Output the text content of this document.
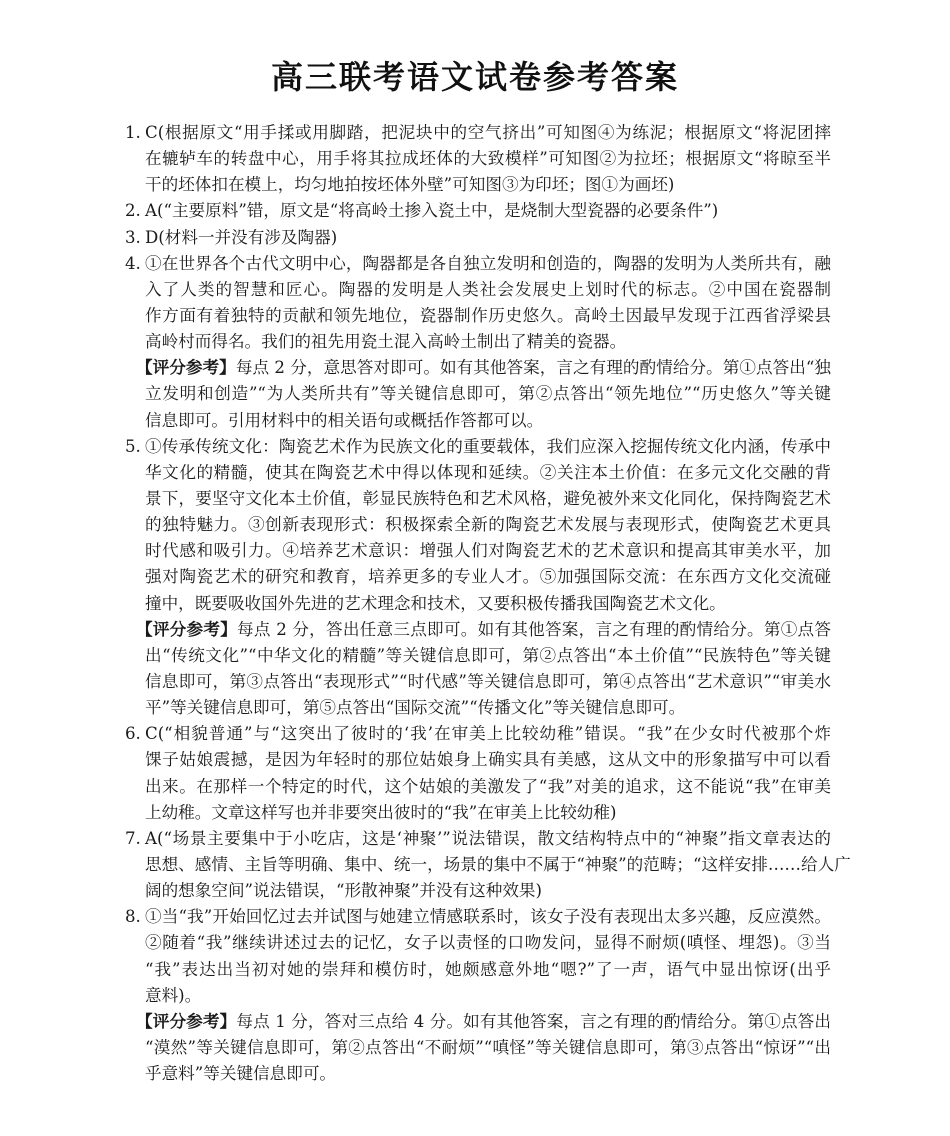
高三联考语文试卷参考答案
1. C(根据原文“用手揉或用脚踏，把泥块中的空气挤出”可知图④为练泥；根据原文“将泥团摔
在辘轳车的转盘中心，用手将其拉成坯体的大致模样”可知图②为拉坯；根据原文“将晾至半
干的坯体扣在模上，均匀地拍按坯体外壁”可知图③为印坯；图①为画坯)
2. A(“主要原料”错，原文是“将高岭土掺入瓷土中，是烧制大型瓷器的必要条件”)
3. D(材料一并没有涉及陶器)
4. ①在世界各个古代文明中心，陶器都是各自独立发明和创造的，陶器的发明为人类所共有，融
入了人类的智慧和匠心。陶器的发明是人类社会发展史上划时代的标志。②中国在瓷器制
作方面有着独特的贡献和领先地位，瓷器制作历史悠久。高岭土因最早发现于江西省浮梁县
高岭村而得名。我们的祖先用瓷土混入高岭土制出了精美的瓷器。
【评分参考】每点 2 分，意思答对即可。如有其他答案，言之有理的酌情给分。第①点答出“独
立发明和创造”“为人类所共有”等关键信息即可，第②点答出“领先地位”“历史悠久”等关键
信息即可。引用材料中的相关语句或概括作答都可以。
5. ①传承传统文化：陶瓷艺术作为民族文化的重要载体，我们应深入挖掘传统文化内涵，传承中
华文化的精髓，使其在陶瓷艺术中得以体现和延续。②关注本土价值：在多元文化交融的背
景下，要坚守文化本土价值，彰显民族特色和艺术风格，避免被外来文化同化，保持陶瓷艺术
的独特魅力。③创新表现形式：积极探索全新的陶瓷艺术发展与表现形式，使陶瓷艺术更具
时代感和吸引力。④培养艺术意识：增强人们对陶瓷艺术的艺术意识和提高其审美水平，加
强对陶瓷艺术的研究和教育，培养更多的专业人才。⑤加强国际交流：在东西方文化交流碰
撞中，既要吸收国外先进的艺术理念和技术，又要积极传播我国陶瓷艺术文化。
【评分参考】每点 2 分，答出任意三点即可。如有其他答案，言之有理的酌情给分。第①点答
出“传统文化”“中华文化的精髓”等关键信息即可，第②点答出“本土价值”“民族特色”等关键
信息即可，第③点答出“表现形式”“时代感”等关键信息即可，第④点答出“艺术意识”“审美水
平”等关键信息即可，第⑤点答出“国际交流”“传播文化”等关键信息即可。
6. C(“相貌普通”与“这突出了彼时的‘我’在审美上比较幼稚”错误。“我”在少女时代被那个炸
馃子姑娘震撼，是因为年轻时的那位姑娘身上确实具有美感，这从文中的形象描写中可以看
出来。在那样一个特定的时代，这个姑娘的美激发了“我”对美的追求，这不能说“我”在审美
上幼稚。文章这样写也并非要突出彼时的“我”在审美上比较幼稚)
7. A(“场景主要集中于小吃店，这是‘神聚’”说法错误，散文结构特点中的“神聚”指文章表达的
思想、感情、主旨等明确、集中、统一，场景的集中不属于“神聚”的范畴；“这样安排……给人广
阔的想象空间”说法错误，“形散神聚”并没有这种效果)
8. ①当“我”开始回忆过去并试图与她建立情感联系时，该女子没有表现出太多兴趣，反应漠然。
②随着“我”继续讲述过去的记忆，女子以责怪的口吻发问，显得不耐烦(嗔怪、埋怨)。③当
“我”表达出当初对她的崇拜和模仿时，她颇感意外地“嗯?”了一声，语气中显出惊讶(出乎
意料)。
【评分参考】每点 1 分，答对三点给 4 分。如有其他答案，言之有理的酌情给分。第①点答出
“漠然”等关键信息即可，第②点答出“不耐烦”“嗔怪”等关键信息即可，第③点答出“惊讶”“出
乎意料”等关键信息即可。
